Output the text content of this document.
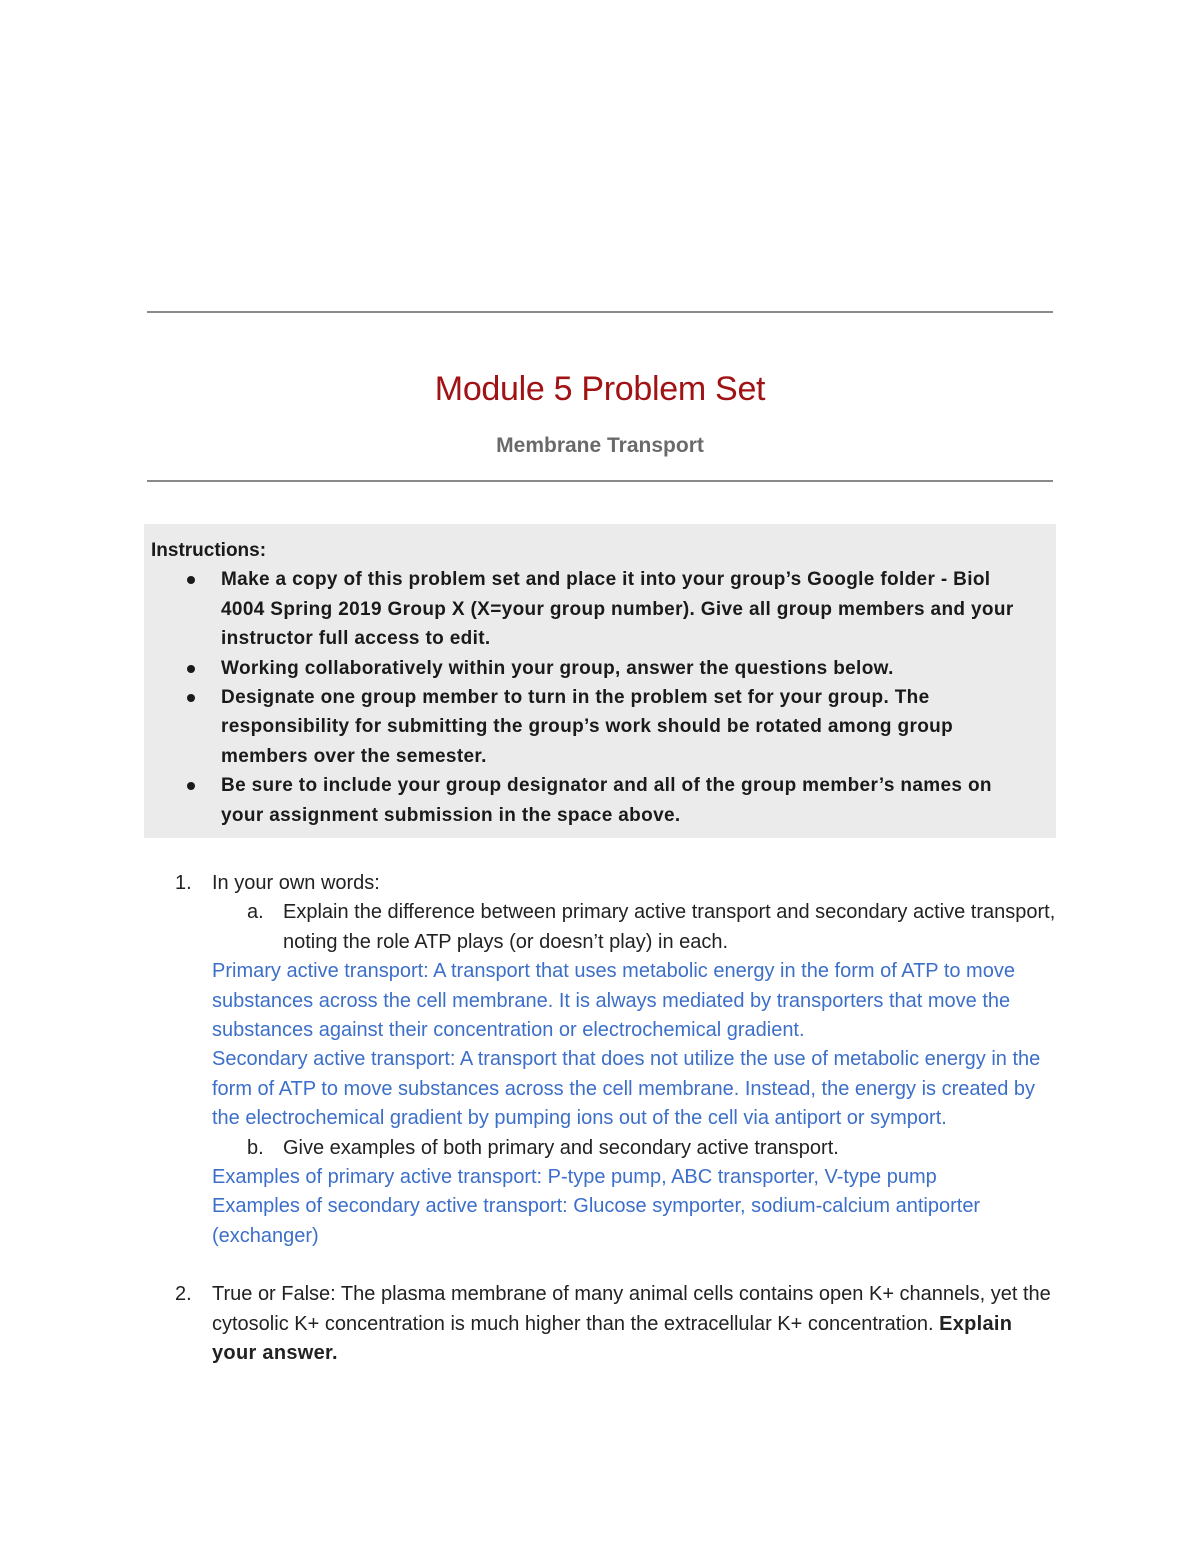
Module 5 Problem Set
Membrane Transport

Instructions:

Make a copy of this problem set and place it into your group’s Google folder - Biol 4004 Spring 2019 Group X (X=your group number). Give all group members and your instructor full access to edit.
Working collaboratively within your group, answer the questions below.
Designate one group member to turn in the problem set for your group. The responsibility for submitting the group’s work should be rotated among group members over the semester.
Be sure to include your group designator and all of the group member’s names on your assignment submission in the space above.
1. In your own words:
a. Explain the difference between primary active transport and secondary active transport, noting the role ATP plays (or doesn’t play) in each.
Primary active transport: A transport that uses metabolic energy in the form of ATP to move substances across the cell membrane. It is always mediated by transporters that move the substances against their concentration or electrochemical gradient.
Secondary active transport: A transport that does not utilize the use of metabolic energy in the form of ATP to move substances across the cell membrane. Instead, the energy is created by the electrochemical gradient by pumping ions out of the cell via antiport or symport.
b. Give examples of both primary and secondary active transport.
Examples of primary active transport: P-type pump, ABC transporter, V-type pump
Examples of secondary active transport: Glucose symporter, sodium-calcium antiporter (exchanger)
2. True or False: The plasma membrane of many animal cells contains open K+ channels, yet the cytosolic K+ concentration is much higher than the extracellular K+ concentration. Explain your answer.
